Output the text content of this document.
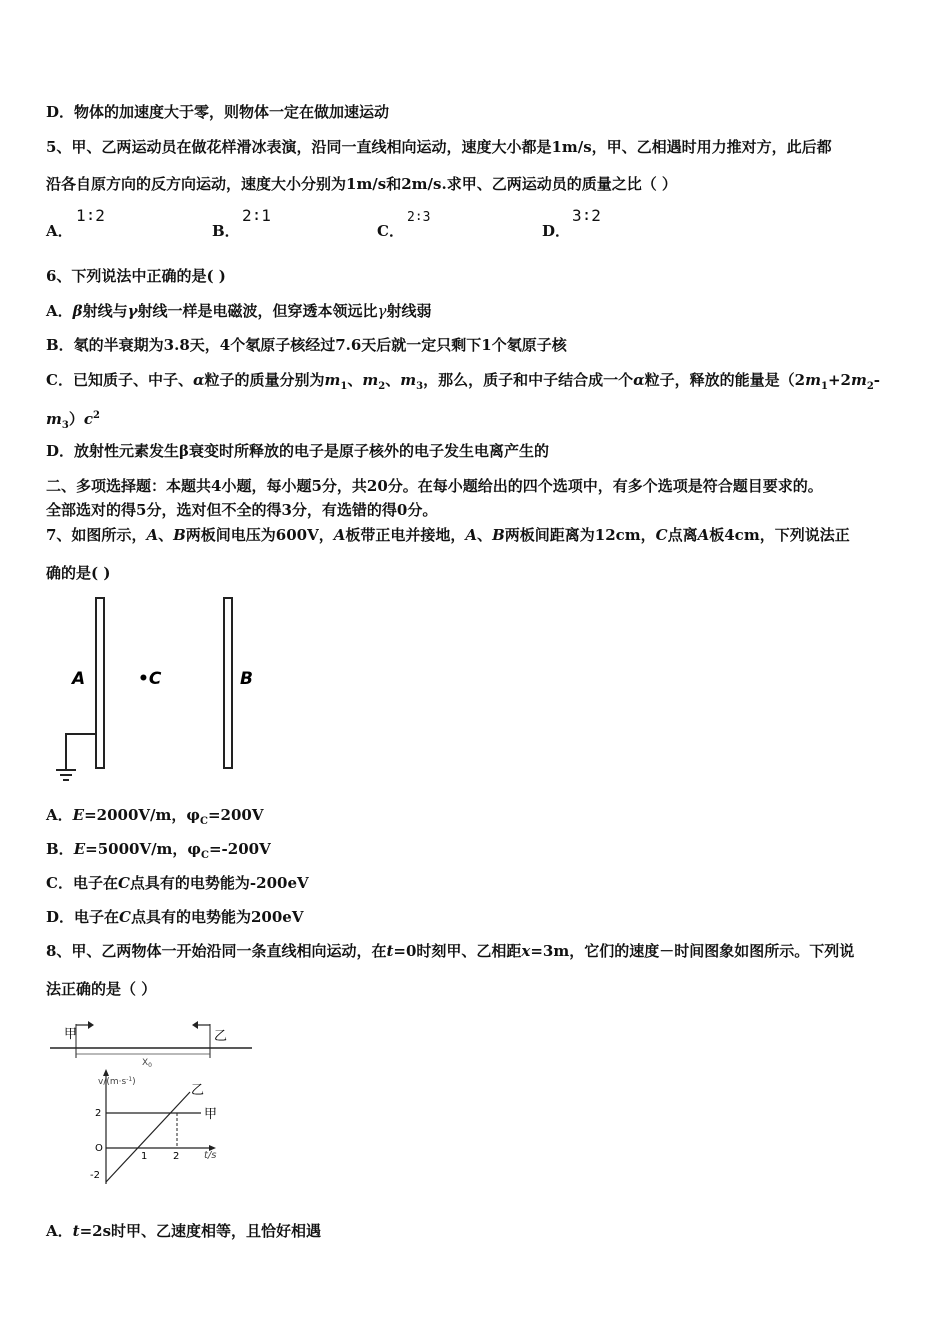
D．物体的加速度大于零，则物体一定在做加速运动
5、甲、乙两运动员在做花样滑冰表演，沿同一直线相向运动，速度大小都是1m/s，甲、乙相遇时用力推对方，此后都
沿各自原方向的反方向运动，速度大小分别为1m/s和2m/s.求甲、乙两运动员的质量之比（ ）
A．
1∶2
B．
2∶1
C．
2∶3
D．
3∶2
6、下列说法中正确的是( )
A．β射线与γ射线一样是电磁波，但穿透本领远比γ射线弱
B．氡的半衰期为3.8天，4个氡原子核经过7.6天后就一定只剩下1个氡原子核
C．已知质子、中子、α粒子的质量分别为$m_1$、$m_2$、$m_3$，那么，质子和中子结合成一个α粒子，释放的能量是（$2m_1+2m_2-$
$m_3)c^2$
D．放射性元素发生β衰变时所释放的电子是原子核外的电子发生电离产生的
二、多项选择题：本题共4小题，每小题5分，共20分。在每小题给出的四个选项中，有多个选项是符合题目要求的。
全部选对的得5分，选对但不全的得3分，有选错的得0分。
7、如图所示，A、B两板间电压为600V，A板带正电并接地，A、B两板间距离为12cm，C点离A板4cm，下列说法正
确的是( )
A	•C	B
A．E=2000V/m，$\varphi_C=200V$
B．E=5000V/m，$\varphi_C=-200V$
C．电子在C点具有的电势能为-200eV
D．电子在C点具有的电势能为200eV
8、甲、乙两物体一开始沿同一条直线相向运动，在t=0时刻甲、乙相距x=3m，它们的速度－时间图象如图所示。下列说
法正确的是（ ）
甲	乙
$X_0$
$v/(m\cdot s^{-1})$
t/s
2
O
-2
1	2
乙
甲
A．t=2s时甲、乙速度相等，且恰好相遇
